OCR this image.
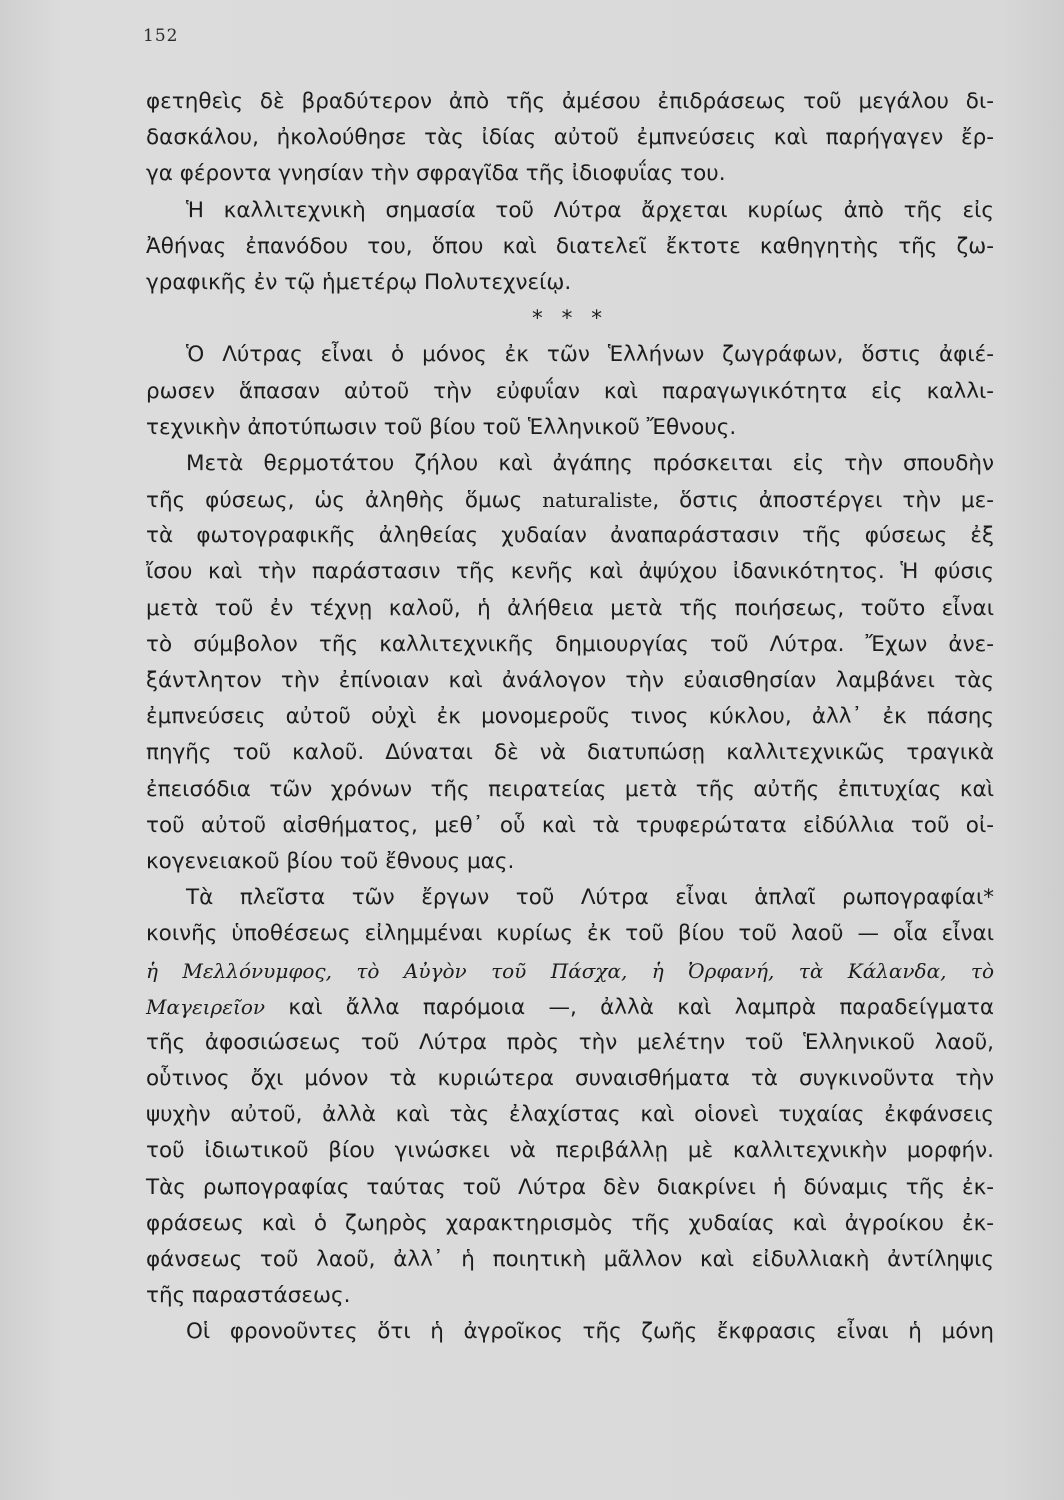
152
φετηθεὶς δὲ βραδύτερον ἀπὸ τῆς ἀμέσου ἐπιδράσεως τοῦ μεγάλου δι-
δασκάλου, ἠκολούθησε τὰς ἰδίας αὐτοῦ ἐμπνεύσεις καὶ παρήγαγεν ἔρ-
γα φέροντα γνησίαν τὴν σφραγῖδα τῆς ἰδιοφυΐας του.
Ἡ καλλιτεχνικὴ σημασία τοῦ Λύτρα ἄρχεται κυρίως ἀπὸ τῆς εἰς
Ἀθήνας ἐπανόδου του, ὅπου καὶ διατελεῖ ἔκτοτε καθηγητὴς τῆς ζω-
γραφικῆς ἐν τῷ ἡμετέρῳ Πολυτεχνείῳ.
* * *
Ὁ Λύτρας εἶναι ὁ μόνος ἐκ τῶν Ἑλλήνων ζωγράφων, ὅστις ἀφιέ-
ρωσεν ἅπασαν αὐτοῦ τὴν εὐφυΐαν καὶ παραγωγικότητα εἰς καλλι-
τεχνικὴν ἀποτύπωσιν τοῦ βίου τοῦ Ἑλληνικοῦ Ἔθνους.
Μετὰ θερμοτάτου ζήλου καὶ ἀγάπης πρόσκειται εἰς τὴν σπουδὴν
τῆς φύσεως, ὡς ἀληθὴς ὅμως naturaliste, ὅστις ἀποστέργει τὴν με-
τὰ φωτογραφικῆς ἀληθείας χυδαίαν ἀναπαράστασιν τῆς φύσεως ἐξ
ἴσου καὶ τὴν παράστασιν τῆς κενῆς καὶ ἀψύχου ἰδανικότητος. Ἡ φύσις
μετὰ τοῦ ἐν τέχνῃ καλοῦ, ἡ ἀλήθεια μετὰ τῆς ποιήσεως, τοῦτο εἶναι
τὸ σύμβολον τῆς καλλιτεχνικῆς δημιουργίας τοῦ Λύτρα. Ἔχων ἀνε-
ξάντλητον τὴν ἐπίνοιαν καὶ ἀνάλογον τὴν εὐαισθησίαν λαμβάνει τὰς
ἐμπνεύσεις αὐτοῦ οὐχὶ ἐκ μονομεροῦς τινος κύκλου, ἀλλ᾽ ἐκ πάσης
πηγῆς τοῦ καλοῦ. Δύναται δὲ νὰ διατυπώσῃ καλλιτεχνικῶς τραγικὰ
ἐπεισόδια τῶν χρόνων τῆς πειρατείας μετὰ τῆς αὐτῆς ἐπιτυχίας καὶ
τοῦ αὐτοῦ αἰσθήματος, μεθ᾽ οὗ καὶ τὰ τρυφερώτατα εἰδύλλια τοῦ οἰ-
κογενειακοῦ βίου τοῦ ἔθνους μας.
Τὰ πλεῖστα τῶν ἔργων τοῦ Λύτρα εἶναι ἁπλαῖ ρωπογραφίαι*
κοινῆς ὑποθέσεως εἰλημμέναι κυρίως ἐκ τοῦ βίου τοῦ λαοῦ — οἷα εἶναι
ἡ Μελλόνυμφος, τὸ Αὐγὸν τοῦ Πάσχα, ἡ Ὀρφανή, τὰ Κάλανδα, τὸ
Μαγειρεῖον καὶ ἄλλα παρόμοια —, ἀλλὰ καὶ λαμπρὰ παραδείγματα
τῆς ἀφοσιώσεως τοῦ Λύτρα πρὸς τὴν μελέτην τοῦ Ἑλληνικοῦ λαοῦ,
οὗτινος ὄχι μόνον τὰ κυριώτερα συναισθήματα τὰ συγκινοῦντα τὴν
ψυχὴν αὐτοῦ, ἀλλὰ καὶ τὰς ἐλαχίστας καὶ οἱονεὶ τυχαίας ἐκφάνσεις
τοῦ ἰδιωτικοῦ βίου γινώσκει νὰ περιβάλλῃ μὲ καλλιτεχνικὴν μορφήν.
Τὰς ρωπογραφίας ταύτας τοῦ Λύτρα δὲν διακρίνει ἡ δύναμις τῆς ἐκ-
φράσεως καὶ ὁ ζωηρὸς χαρακτηρισμὸς τῆς χυδαίας καὶ ἀγροίκου ἐκ-
φάνσεως τοῦ λαοῦ, ἀλλ᾽ ἡ ποιητικὴ μᾶλλον καὶ εἰδυλλιακὴ ἀντίληψις
τῆς παραστάσεως.
Οἱ φρονοῦντες ὅτι ἡ ἀγροῖκος τῆς ζωῆς ἔκφρασις εἶναι ἡ μόνη
